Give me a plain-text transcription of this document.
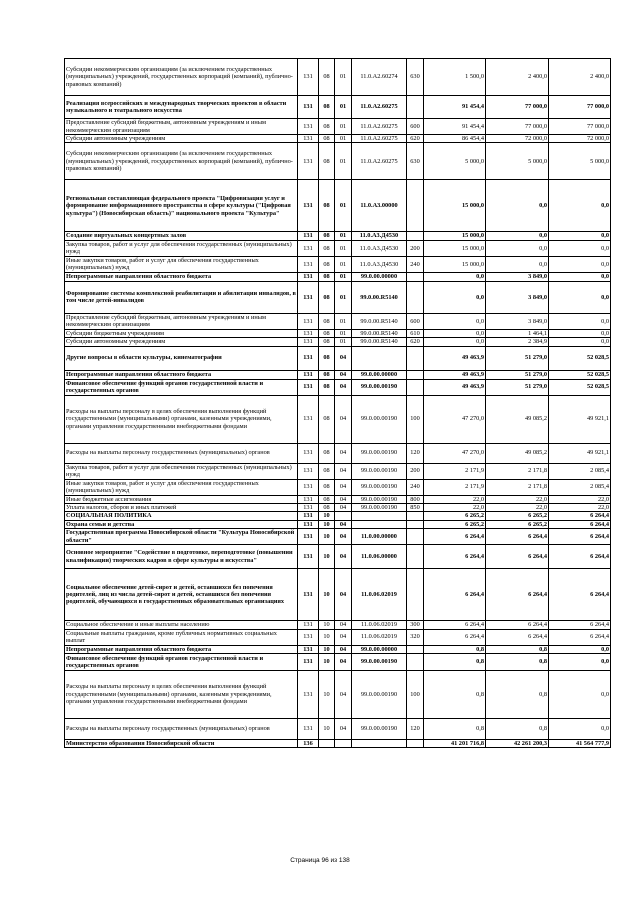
Субсидии некоммерческим организациям (за исключением государственных (муниципальных) учреждений, государственных корпораций (компаний), публично-правовых компаний)	131	08	01	11.0.A2.60274	630	1 500,0	2 400,0	2 400,0
Реализация всероссийских и международных творческих проектов в области музыкального и театрального искусства	131	08	01	11.0.A2.60275		91 454,4	77 000,0	77 000,0
Предоставление субсидий бюджетным, автономным учреждениям и иным некоммерческим организациям	131	08	01	11.0.A2.60275	600	91 454,4	77 000,0	77 000,0
Субсидии автономным учреждениям	131	08	01	11.0.A2.60275	620	86 454,4	72 000,0	72 000,0
Субсидии некоммерческим организациям (за исключением государственных (муниципальных) учреждений, государственных корпораций (компаний), публично-правовых компаний)	131	08	01	11.0.A2.60275	630	5 000,0	5 000,0	5 000,0
Региональная составляющая федерального проекта "Цифровизация услуг и формирование информационного пространства в сфере культуры ("Цифровая культура") (Новосибирская область)" национального проекта "Культура"	131	08	01	11.0.A3.00000		15 000,0	0,0	0,0
Создание виртуальных концертных залов	131	08	01	11.0.A3.Д4530		15 000,0	0,0	0,0
Закупка товаров, работ и услуг для обеспечения государственных (муниципальных) нужд	131	08	01	11.0.A3.Д4530	200	15 000,0	0,0	0,0
Иные закупки товаров, работ и услуг для обеспечения государственных (муниципальных) нужд	131	08	01	11.0.A3.Д4530	240	15 000,0	0,0	0,0
Непрограммные направления областного бюджета	131	08	01	99.0.00.00000		0,0	3 849,0	0,0
Формирование системы комплексной реабилитации и абилитации инвалидов, в том числе детей-инвалидов	131	08	01	99.0.00.R5140		0,0	3 849,0	0,0
Предоставление субсидий бюджетным, автономным учреждениям и иным некоммерческим организациям	131	08	01	99.0.00.R5140	600	0,0	3 849,0	0,0
Субсидии бюджетным учреждениям	131	08	01	99.0.00.R5140	610	0,0	1 464,1	0,0
Субсидии автономным учреждениям	131	08	01	99.0.00.R5140	620	0,0	2 384,9	0,0
Другие вопросы в области культуры, кинематографии	131	08	04			49 463,9	51 279,0	52 028,5
Непрограммные направления областного бюджета	131	08	04	99.0.00.00000		49 463,9	51 279,0	52 028,5
Финансовое обеспечение функций органов государственной власти и государственных органов	131	08	04	99.0.00.00190		49 463,9	51 279,0	52 028,5
Расходы на выплаты персоналу в целях обеспечения выполнения функций государственными (муниципальными) органами, казенными учреждениями, органами управления государственными внебюджетными фондами	131	08	04	99.0.00.00190	100	47 270,0	49 085,2	49 921,1
Расходы на выплаты персоналу государственных (муниципальных) органов	131	08	04	99.0.00.00190	120	47 270,0	49 085,2	49 921,1
Закупка товаров, работ и услуг для обеспечения государственных (муниципальных) нужд	131	08	04	99.0.00.00190	200	2 171,9	2 171,8	2 085,4
Иные закупки товаров, работ и услуг для обеспечения государственных (муниципальных) нужд	131	08	04	99.0.00.00190	240	2 171,9	2 171,8	2 085,4
Иные бюджетные ассигнования	131	08	04	99.0.00.00190	800	22,0	22,0	22,0
Уплата налогов, сборов и иных платежей	131	08	04	99.0.00.00190	850	22,0	22,0	22,0
СОЦИАЛЬНАЯ ПОЛИТИКА	131	10				6 265,2	6 265,2	6 264,4
Охрана семьи и детства	131	10	04			6 265,2	6 265,2	6 264,4
Государственная программа Новосибирской области "Культура Новосибирской области"	131	10	04	11.0.00.00000		6 264,4	6 264,4	6 264,4
Основное мероприятие "Содействие в подготовке, переподготовке (повышении квалификации) творческих кадров в сфере культуры и искусства"	131	10	04	11.0.06.00000		6 264,4	6 264,4	6 264,4
Социальное обеспечение детей-сирот и детей, оставшихся без попечения родителей, лиц из числа детей-сирот и детей, оставшихся без попечения родителей, обучающихся в государственных образовательных организациях	131	10	04	11.0.06.02019		6 264,4	6 264,4	6 264,4
Социальное обеспечение и иные выплаты населению	131	10	04	11.0.06.02019	300	6 264,4	6 264,4	6 264,4
Социальные выплаты гражданам, кроме публичных нормативных социальных выплат	131	10	04	11.0.06.02019	320	6 264,4	6 264,4	6 264,4
Непрограммные направления областного бюджета	131	10	04	99.0.00.00000		0,8	0,8	0,0
Финансовое обеспечение функций органов государственной власти и государственных органов	131	10	04	99.0.00.00190		0,8	0,8	0,0
Расходы на выплаты персоналу в целях обеспечения выполнения функций государственными (муниципальными) органами, казенными учреждениями, органами управления государственными внебюджетными фондами	131	10	04	99.0.00.00190	100	0,8	0,8	0,0
Расходы на выплаты персоналу государственных (муниципальных) органов	131	10	04	99.0.00.00190	120	0,8	0,8	0,0
Министерство образования Новосибирской области	136					41 201 716,8	42 261 200,3	41 564 777,9
Страница 96 из 138
